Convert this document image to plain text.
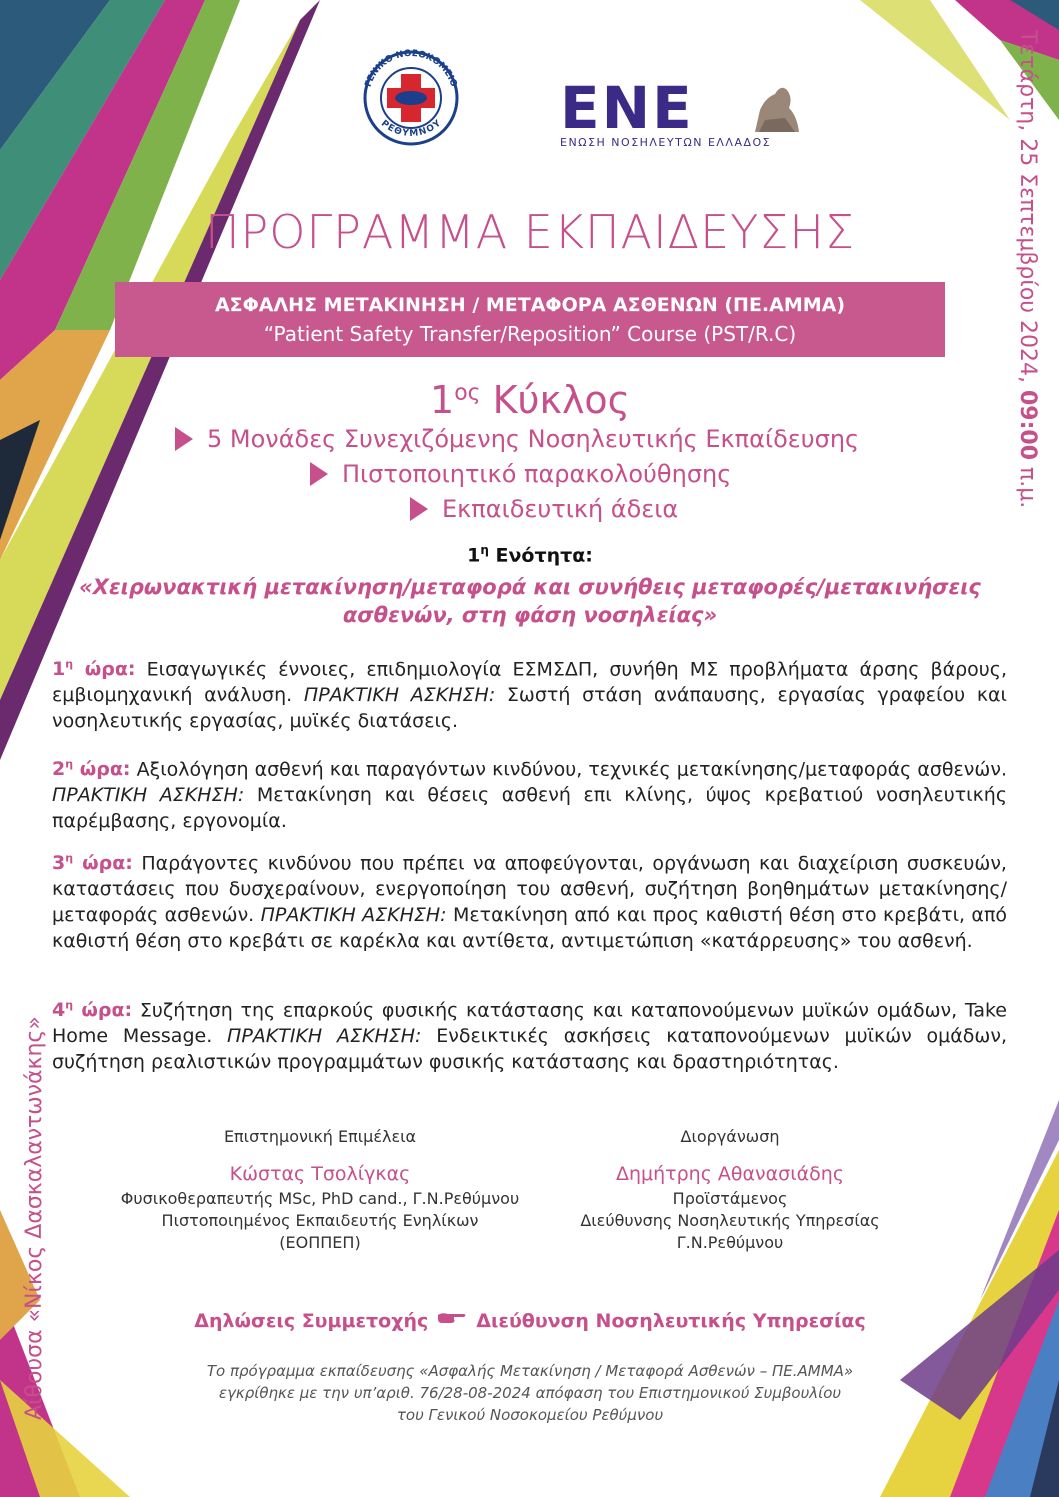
ΓΕΝΙΚΟ ΝΟΣΟΚΟΜΕΙΟ
ΡΕΘΥΜΝΟΥ ΕΝΕ
ΕΝΩΣΗ ΝΟΣΗΛΕΥΤΩΝ ΕΛΛΑΔΟΣ	Τετάρτη, 25 Σεπτεμβρίου 2024, 09:00 π.μ.
Αίθουσα «Νίκος Δασκαλαντωνάκης»
ΠΡΟΓΡΑΜΜΑ ΕΚΠΑΙΔΕΥΣΗΣ
ΑΣΦΑΛΗΣ ΜΕΤΑΚΙΝΗΣΗ / ΜΕΤΑΦΟΡΑ ΑΣΘΕΝΩΝ (ΠΕ.ΑΜΜΑ)
“Patient Safety Transfer/Reposition” Course (PST/R.C)
$1^{o\varsigma}$ Κύκλος
5 Μονάδες Συνεχιζόμενης Νοσηλευτικής Εκπαίδευσης
Πιστοποιητικό παρακολούθησης
Εκπαιδευτική άδεια
$1^\eta$ Ενότητα:
«Χειρωνακτική μετακίνηση/μεταφορά και συνήθεις μεταφορές/μετακινήσεις ασθενών, στη φάση νοσηλείας»
$1^\eta$ ώρα: Εισαγωγικές έννοιες, επιδημιολογία ΕΣΜΣΔΠ, συνήθη ΜΣ προβλήματα άρσης βάρους, εμβιομηχανική ανάλυση. ΠΡΑΚΤΙΚΗ ΑΣΚΗΣΗ: Σωστή στάση ανάπαυσης, εργασίας γραφείου και νοσηλευτικής εργασίας, μυϊκές διατάσεις.
$2^\eta$ ώρα: Αξιολόγηση ασθενή και παραγόντων κινδύνου, τεχνικές μετακίνησης/μεταφοράς ασθενών. ΠΡΑΚΤΙΚΗ ΑΣΚΗΣΗ: Μετακίνηση και θέσεις ασθενή επι κλίνης, ύψος κρεβατιού νοσηλευτικής παρέμβασης, εργονομία.
$3^\eta$ ώρα: Παράγοντες κινδύνου που πρέπει να αποφεύγονται, οργάνωση και διαχείριση συσκευών, καταστάσεις που δυσχεραίνουν, ενεργοποίηση του ασθενή, συζήτηση βοηθημάτων μετακίνησης/μεταφοράς ασθενών. ΠΡΑΚΤΙΚΗ ΑΣΚΗΣΗ: Μετακίνηση από και προς καθιστή θέση στο κρεβάτι, από καθιστή θέση στο κρεβάτι σε καρέκλα και αντίθετα, αντιμετώπιση «κατάρρευσης» του ασθενή.
$4^\eta$ ώρα: Συζήτηση της επαρκούς φυσικής κατάστασης και καταπονούμενων μυϊκών ομάδων, Take Home Message. ΠΡΑΚΤΙΚΗ ΑΣΚΗΣΗ: Ενδεικτικές ασκήσεις καταπονούμενων μυϊκών ομάδων, συζήτηση ρεαλιστικών προγραμμάτων φυσικής κατάστασης και δραστηριότητας.
Επιστημονική Επιμέλεια
Κώστας Τσολίγκας
Φυσικοθεραπευτής MSc, PhD cand., Γ.Ν.Ρεθύμνου
Πιστοποιημένος Εκπαιδευτής Ενηλίκων
(ΕΟΠΠΕΠ)
Διοργάνωση
Δημήτρης Αθανασιάδης
Προϊστάμενος
Διεύθυνσης Νοσηλευτικής Υπηρεσίας
Γ.Ν.Ρεθύμνου
Δηλώσεις Συμμετοχής	Διεύθυνση Νοσηλευτικής Υπηρεσίας
Το πρόγραμμα εκπαίδευσης «Ασφαλής Μετακίνηση / Μεταφορά Ασθενών – ΠΕ.ΑΜΜΑ»
εγκρίθηκε με την υπ’αριθ. 76/28-08-2024 απόφαση του Επιστημονικού Συμβουλίου
του Γενικού Νοσοκομείου Ρεθύμνου
